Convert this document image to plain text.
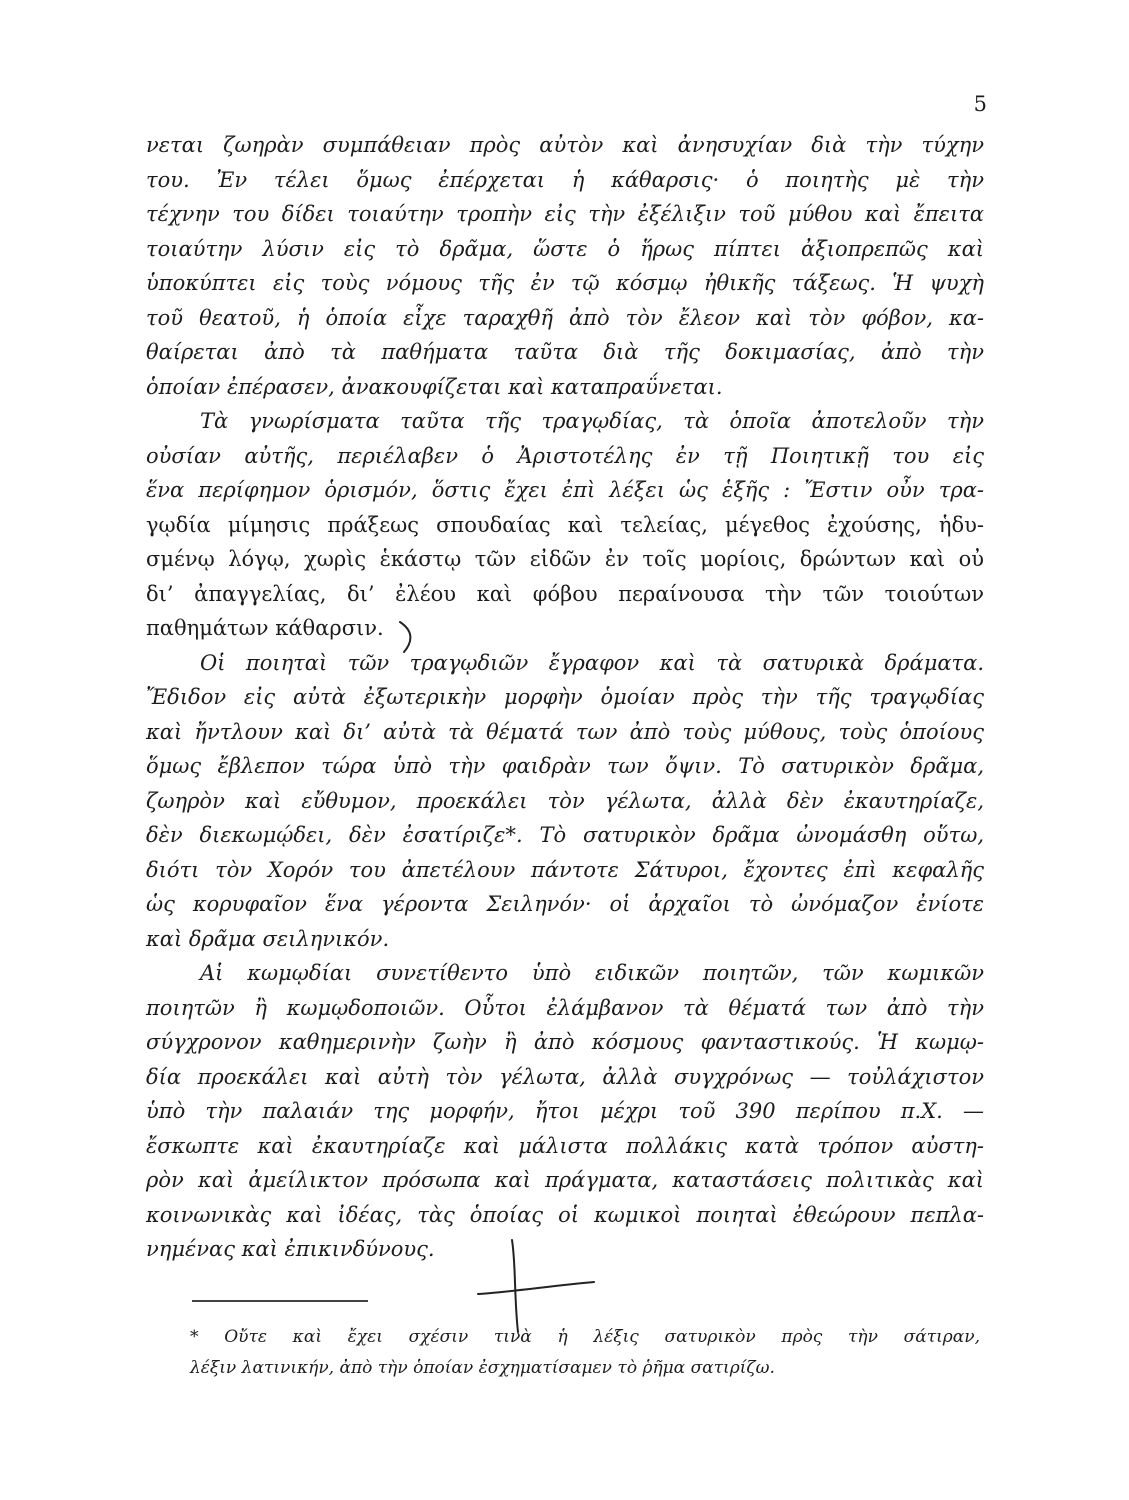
5

νεται ζωηρὰν συμπάθειαν πρὸς αὐτὸν καὶ ἀνησυχίαν διὰ τὴν τύχην
του. Ἐν τέλει ὅμως ἐπέρχεται ἡ κάθαρσις· ὁ ποιητὴς μὲ τὴν
τέχνην του δίδει τοιαύτην τροπὴν εἰς τὴν ἐξέλιξιν τοῦ μύθου καὶ ἔπειτα
τοιαύτην λύσιν εἰς τὸ δρᾶμα, ὥστε ὁ ἥρως πίπτει ἀξιοπρεπῶς καὶ
ὑποκύπτει εἰς τοὺς νόμους τῆς ἐν τῷ κόσμῳ ἠθικῆς τάξεως. Ἡ ψυχὴ
τοῦ θεατοῦ, ἡ ὁποία εἶχε ταραχθῆ ἀπὸ τὸν ἔλεον καὶ τὸν φόβον, κα-
θαίρεται ἀπὸ τὰ παθήματα ταῦτα διὰ τῆς δοκιμασίας, ἀπὸ τὴν
ὁποίαν ἐπέρασεν, ἀνακουφίζεται καὶ καταπραΰνεται.

Τὰ γνωρίσματα ταῦτα τῆς τραγῳδίας, τὰ ὁποῖα ἀποτελοῦν τὴν
οὐσίαν αὐτῆς, περιέλαβεν ὁ Ἀριστοτέλης ἐν τῇ Ποιητικῇ του εἰς
ἕνα περίφημον ὁρισμόν, ὅστις ἔχει ἐπὶ λέξει ὡς ἑξῆς : Ἔστιν οὖν τρα-
γῳδία μίμησις πράξεως σπουδαίας καὶ τελείας, μέγεθος ἐχούσης, ἡδυ-
σμένῳ λόγῳ, χωρὶς ἑκάστῳ τῶν εἰδῶν ἐν τοῖς μορίοις, δρώντων καὶ οὐ
δι’ ἀπαγγελίας, δι’ ἐλέου καὶ φόβου περαίνουσα τὴν τῶν τοιούτων
παθημάτων κάθαρσιν.

Οἱ ποιηταὶ τῶν τραγῳδιῶν ἔγραφον καὶ τὰ σατυρικὰ δράματα.
Ἔδιδον εἰς αὐτὰ ἐξωτερικὴν μορφὴν ὁμοίαν πρὸς τὴν τῆς τραγῳδίας
καὶ ἤντλουν καὶ δι’ αὐτὰ τὰ θέματά των ἀπὸ τοὺς μύθους, τοὺς ὁποίους
ὅμως ἔβλεπον τώρα ὑπὸ τὴν φαιδρὰν των ὄψιν. Τὸ σατυρικὸν δρᾶμα,
ζωηρὸν καὶ εὔθυμον, προεκάλει τὸν γέλωτα, ἀλλὰ δὲν ἐκαυτηρίαζε,
δὲν διεκωμῴδει, δὲν ἐσατίριζε*. Τὸ σατυρικὸν δρᾶμα ὠνομάσθη οὕτω,
διότι τὸν Χορόν του ἀπετέλουν πάντοτε Σάτυροι, ἔχοντες ἐπὶ κεφαλῆς
ὡς κορυφαῖον ἕνα γέροντα Σειληνόν· οἱ ἀρχαῖοι τὸ ὠνόμαζον ἐνίοτε
καὶ δρᾶμα σειληνικόν.

Αἱ κωμῳδίαι συνετίθεντο ὑπὸ ειδικῶν ποιητῶν, τῶν κωμικῶν
ποιητῶν ἢ κωμῳδοποιῶν. Οὗτοι ἐλάμβανον τὰ θέματά των ἀπὸ τὴν
σύγχρονον καθημερινὴν ζωὴν ἢ ἀπὸ κόσμους φανταστικούς. Ἡ κωμῳ-
δία προεκάλει καὶ αὐτὴ τὸν γέλωτα, ἀλλὰ συγχρόνως — τοὐλάχιστον
ὑπὸ τὴν παλαιάν της μορφήν, ἤτοι μέχρι τοῦ 390 περίπου π.Χ. —
ἔσκωπτε καὶ ἐκαυτηρίαζε καὶ μάλιστα πολλάκις κατὰ τρόπον αὐστη-
ρὸν καὶ ἀμείλικτον πρόσωπα καὶ πράγματα, καταστάσεις πολιτικὰς καὶ
κοινωνικὰς καὶ ἰδέας, τὰς ὁποίας οἱ κωμικοὶ ποιηταὶ ἐθεώρουν πεπλα-
νημένας καὶ ἐπικινδύνους.

* Οὔτε καὶ ἔχει σχέσιν τινὰ ἡ λέξις σατυρικὸν πρὸς τὴν σάτιραν,
λέξιν λατινικήν, ἀπὸ τὴν ὁποίαν ἐσχηματίσαμεν τὸ ῥῆμα σατιρίζω.
